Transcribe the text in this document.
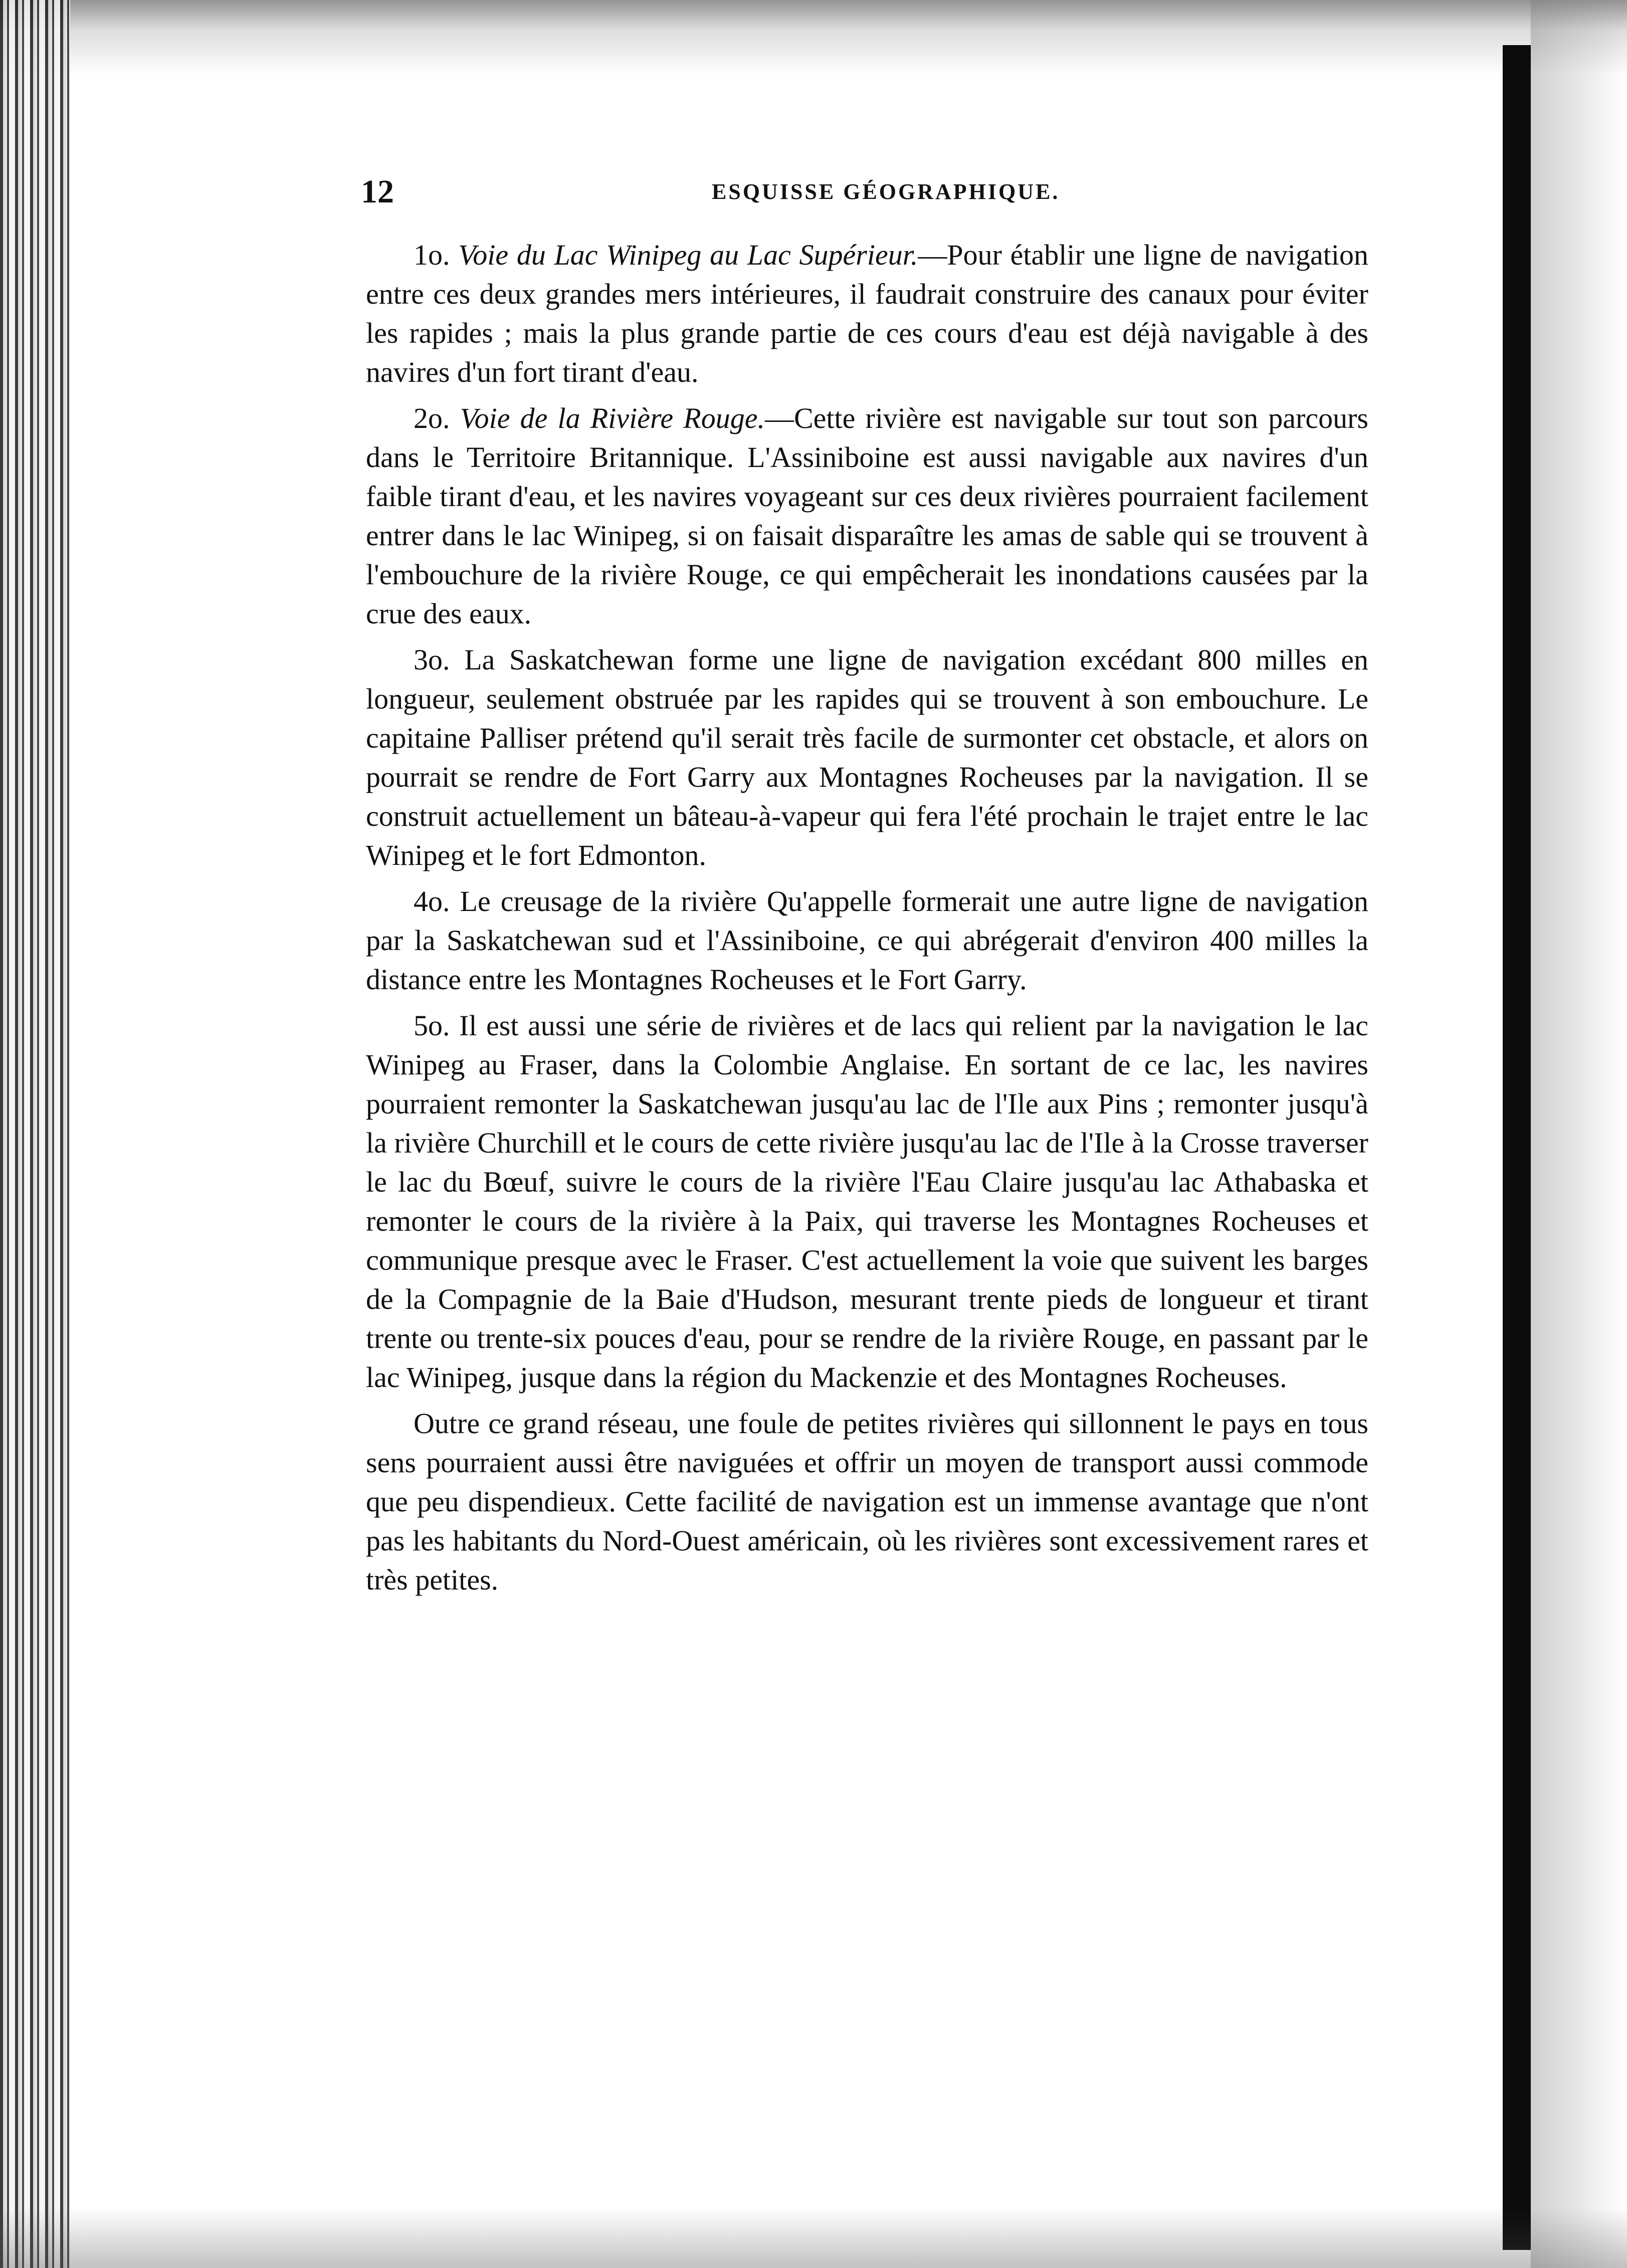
12	ESQUISSE GÉOGRAPHIQUE.

1o. Voie du Lac Winipeg au Lac Supérieur.—Pour établir une ligne de navigation entre ces deux grandes mers intérieures, il faudrait construire des canaux pour éviter les rapides ; mais la plus grande partie de ces cours d'eau est déjà navigable à des navires d'un fort tirant d'eau.

2o. Voie de la Rivière Rouge.—Cette rivière est navigable sur tout son parcours dans le Territoire Britannique. L'Assiniboine est aussi navigable aux navires d'un faible tirant d'eau, et les navires voyageant sur ces deux rivières pourraient facilement entrer dans le lac Winipeg, si on faisait disparaître les amas de sable qui se trouvent à l'embouchure de la rivière Rouge, ce qui empêcherait les inondations causées par la crue des eaux.

3o. La Saskatchewan forme une ligne de navigation excédant 800 milles en longueur, seulement obstruée par les rapides qui se trouvent à son embouchure. Le capitaine Palliser prétend qu'il serait très facile de surmonter cet obstacle, et alors on pourrait se rendre de Fort Garry aux Montagnes Rocheuses par la navigation. Il se construit actuellement un bâteau-à-vapeur qui fera l'été prochain le trajet entre le lac Winipeg et le fort Edmonton.

4o. Le creusage de la rivière Qu'appelle formerait une autre ligne de navigation par la Saskatchewan sud et l'Assiniboine, ce qui abrégerait d'environ 400 milles la distance entre les Montagnes Rocheuses et le Fort Garry.

5o. Il est aussi une série de rivières et de lacs qui relient par la navigation le lac Winipeg au Fraser, dans la Colombie Anglaise. En sortant de ce lac, les navires pourraient remonter la Saskatchewan jusqu'au lac de l'Ile aux Pins ; remonter jusqu'à la rivière Churchill et le cours de cette rivière jusqu'au lac de l'Ile à la Crosse traverser le lac du Bœuf, suivre le cours de la rivière l'Eau Claire jusqu'au lac Athabaska et remonter le cours de la rivière à la Paix, qui traverse les Montagnes Rocheuses et communique presque avec le Fraser. C'est actuellement la voie que suivent les barges de la Compagnie de la Baie d'Hudson, mesurant trente pieds de longueur et tirant trente ou trente-six pouces d'eau, pour se rendre de la rivière Rouge, en passant par le lac Winipeg, jusque dans la région du Mackenzie et des Montagnes Rocheuses.

Outre ce grand réseau, une foule de petites rivières qui sillonnent le pays en tous sens pourraient aussi être naviguées et offrir un moyen de transport aussi commode que peu dispendieux. Cette facilité de navigation est un immense avantage que n'ont pas les habitants du Nord-Ouest américain, où les rivières sont excessivement rares et très petites.
